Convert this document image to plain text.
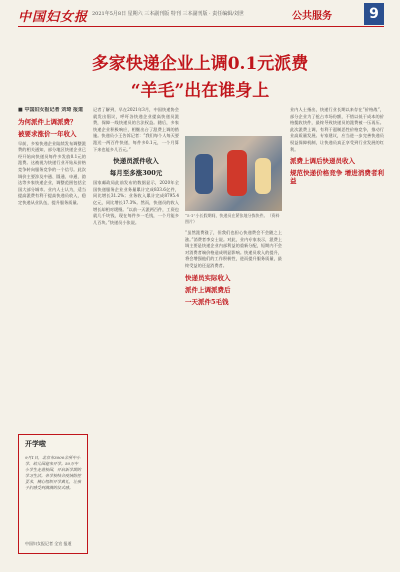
中国妇女报 2021年5月8日 星期六 三本副刊版 特刊 三本副刊版 · 责任编辑/刘世	公共服务	9
多家快递企业上调0.1元派费
“羊毛”出在谁身上
■ 中国妇女报记者 刘琦 报道
为何派件上调派费？
被要求涨价一年收入
早前，多家快递企业陆续发布调整派费的相关通知，部分地区快递企业已经开始向快递员每件多发放0.1元的派费。这被视为快递行业开始从价格竞争转向服务竞争的一个信号。此次调价主要涉及中通、圆通、申通、韵达等多家快递企业，调整范围包括全国大部分城市。业内人士认为，适当提高派费有利于提高快递员收入，稳定快递从业队伍，提升服务质量。
记者了解到，早在2021年3月，中国快递协会就发出倡议，呼吁各快递企业提高快递员派费，保障一线快递员的合法权益。随后，多家快递企业积极响应，相继出台了派费上调的措施。快递员小王告诉记者：“我们每个人每天要派送一两百件快递，每件多0.1元，一个月算下来也能多几百元。”
快递员派件收入
每月至多涨300元
国家邮政局此前发布的数据显示，2020年全国快递服务企业业务量累计完成833.6亿件，同比增长31.2%；业务收入累计完成8795.4亿元，同比增长17.3%。然而，快递员的收入增长却相对缓慢。“以前一天派两百件，工资也就几千块钱，现在每件多一毛钱，一个月能多几百块。”快递员小张说。
“5·1”小长假期间，快递员在紧张地分拣快件。（资料图片）
“虽然派费涨了，但我们也担心快递费会不会随之上涨。”消费者李女士说。对此，业内专家表示，派费上调主要是快递企业内部利益的重新分配，短期内不会对消费者端价格造成明显影响。快递员收入的提升，将会增强他们的工作积极性，进而提升服务质量，最终受益的还是消费者。
快递员实际收入
派件上调派费后
一天派件5毛钱
业内人士指出，快递行业长期以来存在“价格战”，部分企业为了抢占市场份额，不惜以低于成本的价格揽收快件，最终导致快递员的派费被一压再压。此次派费上调，有利于遏制恶性价格竞争，推动行业高质量发展。专家建议，应当进一步完善快递员权益保障机制，让快递员真正享受到行业发展的红利。
派费上调后快递员收入
规范快递价格竞争 增进消费者利益
开学啦
9月1日，北京市3000余所中小学、幼儿园迎来开学。50万中小学生走进校园，开启新学期的学习生活。各学校结合疫情防控要求，精心组织开学典礼，让孩子们感受到满满的仪式感。
中国妇女报记者 全宣 报道
